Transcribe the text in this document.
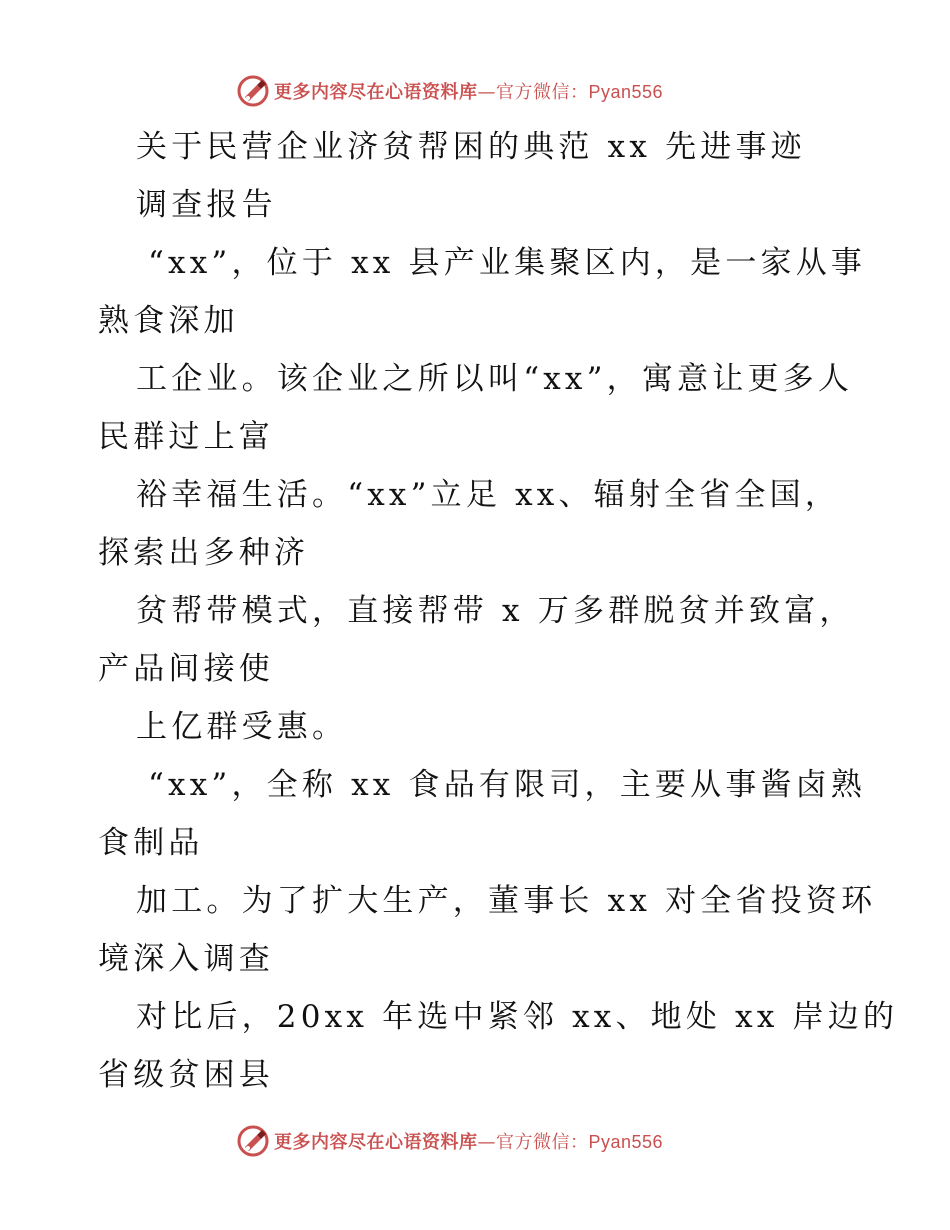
更多内容尽在心语资料库—官方微信：Pyan556
关于民营企业济贫帮困的典范 xx 先进事迹
调查报告
“xx”，位于 xx 县产业集聚区内，是一家从事
熟食深加
工企业。该企业之所以叫“xx”，寓意让更多人
民群过上富
裕幸福生活。“xx”立足 xx、辐射全省全国，
探索出多种济
贫帮带模式，直接帮带 x 万多群脱贫并致富，
产品间接使
上亿群受惠。
“xx”，全称 xx 食品有限司，主要从事酱卤熟
食制品
加工。为了扩大生产，董事长 xx 对全省投资环
境深入调查
对比后，20xx 年选中紧邻 xx、地处 xx 岸边的
省级贫困县
更多内容尽在心语资料库—官方微信：Pyan556
